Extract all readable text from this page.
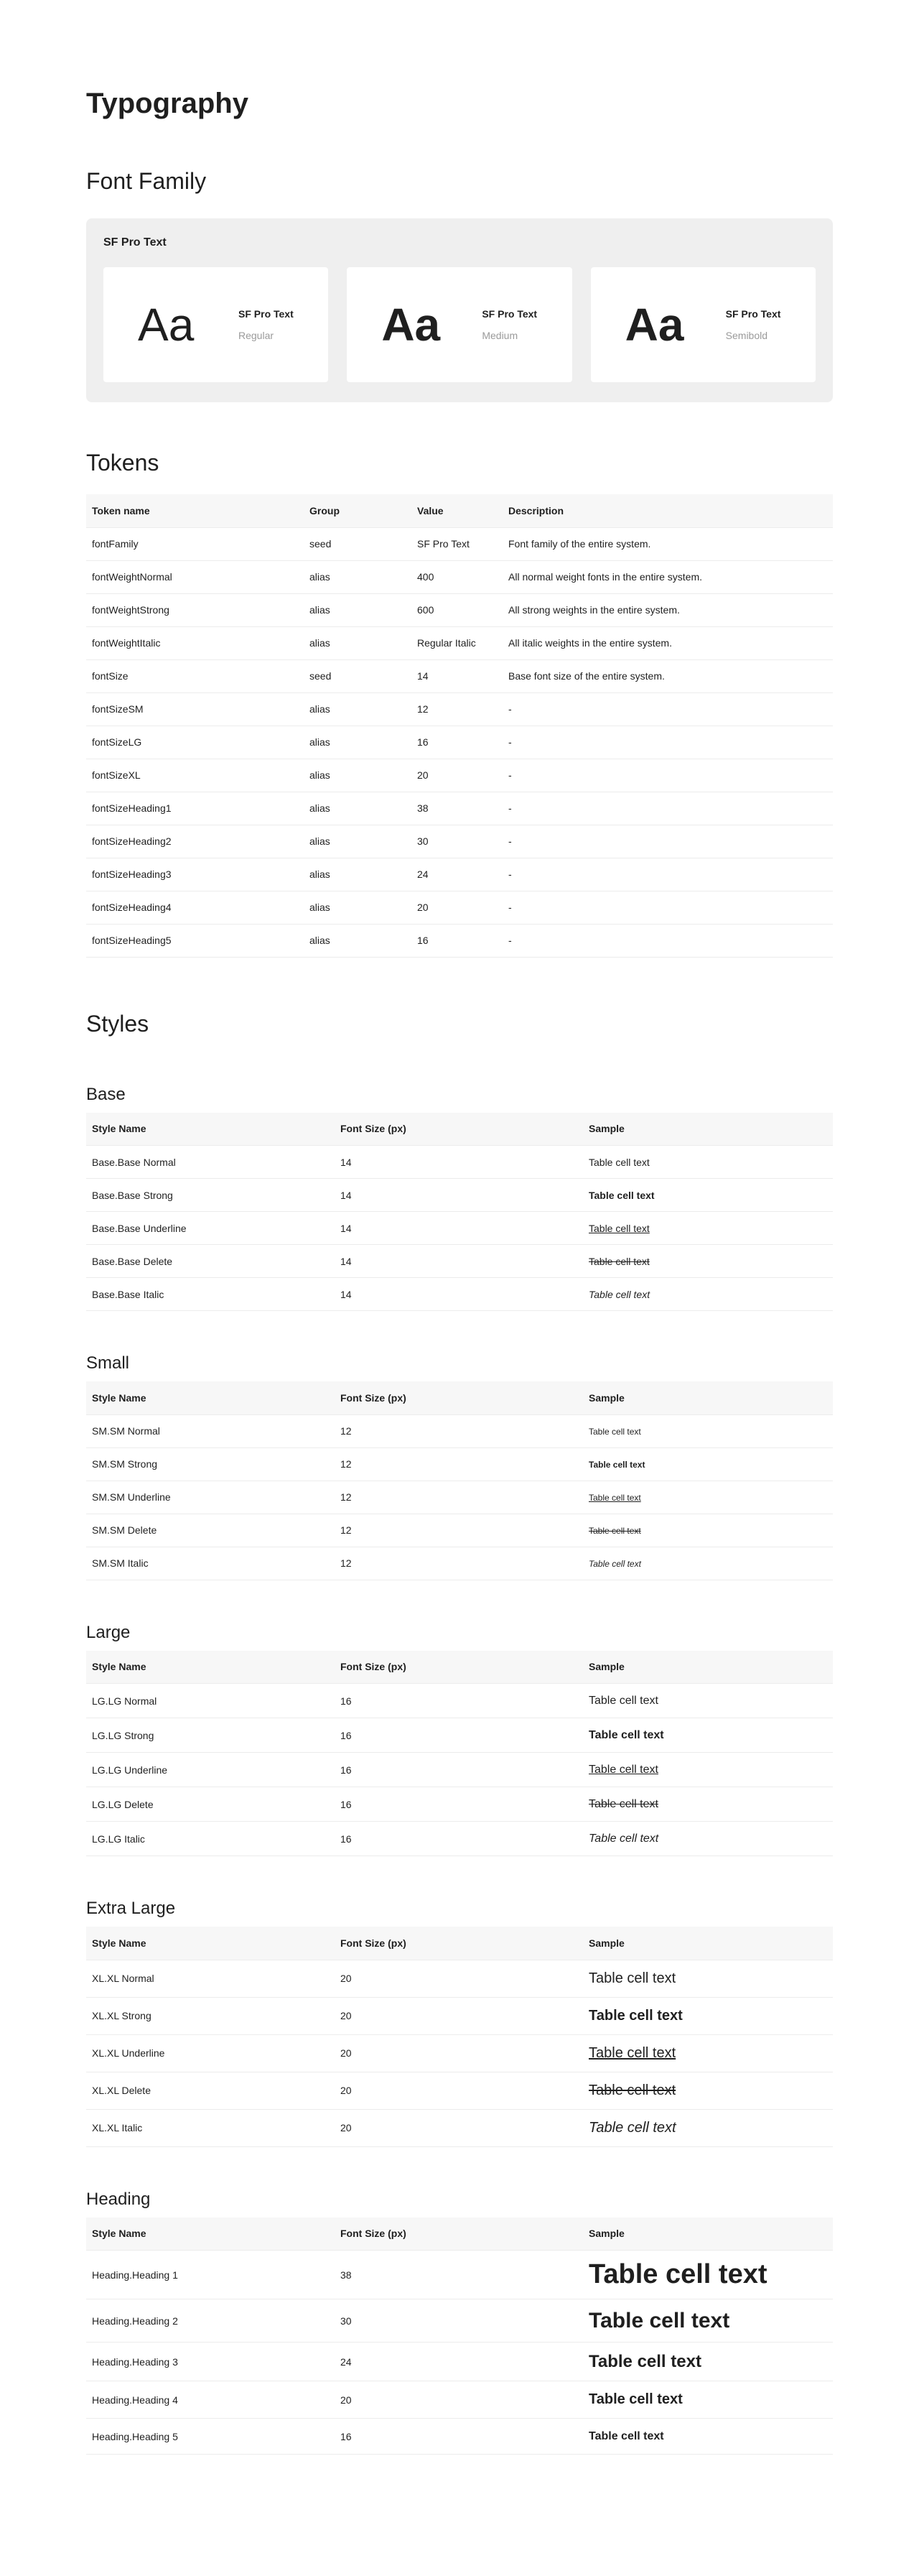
Typography
Font Family
SF Pro Text
Aa	SF Pro Text
Regular	Aa	SF Pro Text
Medium	Aa	SF Pro Text
Semibold
Tokens
Token name	Group	Value	Description
fontFamily	seed	SF Pro Text	Font family of the entire system.
fontWeightNormal	alias	400	All normal weight fonts in the entire system.
fontWeightStrong	alias	600	All strong weights in the entire system.
fontWeightItalic	alias	Regular Italic	All italic weights in the entire system.
fontSize	seed	14	Base font size of the entire system.
fontSizeSM	alias	12	-
fontSizeLG	alias	16	-
fontSizeXL	alias	20	-
fontSizeHeading1	alias	38	-
fontSizeHeading2	alias	30	-
fontSizeHeading3	alias	24	-
fontSizeHeading4	alias	20	-
fontSizeHeading5	alias	16	-
Styles
Base
Style Name	Font Size (px)	Sample
Base.Base Normal	14	Table cell text
Base.Base Strong	14	Table cell text
Base.Base Underline	14	Table cell text
Base.Base Delete	14	Table cell text
Base.Base Italic	14	Table cell text
Small
Style Name	Font Size (px)	Sample
SM.SM Normal	12	Table cell text
SM.SM Strong	12	Table cell text
SM.SM Underline	12	Table cell text
SM.SM Delete	12	Table cell text
SM.SM Italic	12	Table cell text
Large
Style Name	Font Size (px)	Sample
LG.LG Normal	16	Table cell text
LG.LG Strong	16	Table cell text
LG.LG Underline	16	Table cell text
LG.LG Delete	16	Table cell text
LG.LG Italic	16	Table cell text
Extra Large
Style Name	Font Size (px)	Sample
XL.XL Normal	20	Table cell text
XL.XL Strong	20	Table cell text
XL.XL Underline	20	Table cell text
XL.XL Delete	20	Table cell text
XL.XL Italic	20	Table cell text
Heading
Style Name	Font Size (px)	Sample
Heading.Heading 1	38	Table cell text
Heading.Heading 2	30	Table cell text
Heading.Heading 3	24	Table cell text
Heading.Heading 4	20	Table cell text
Heading.Heading 5	16	Table cell text
